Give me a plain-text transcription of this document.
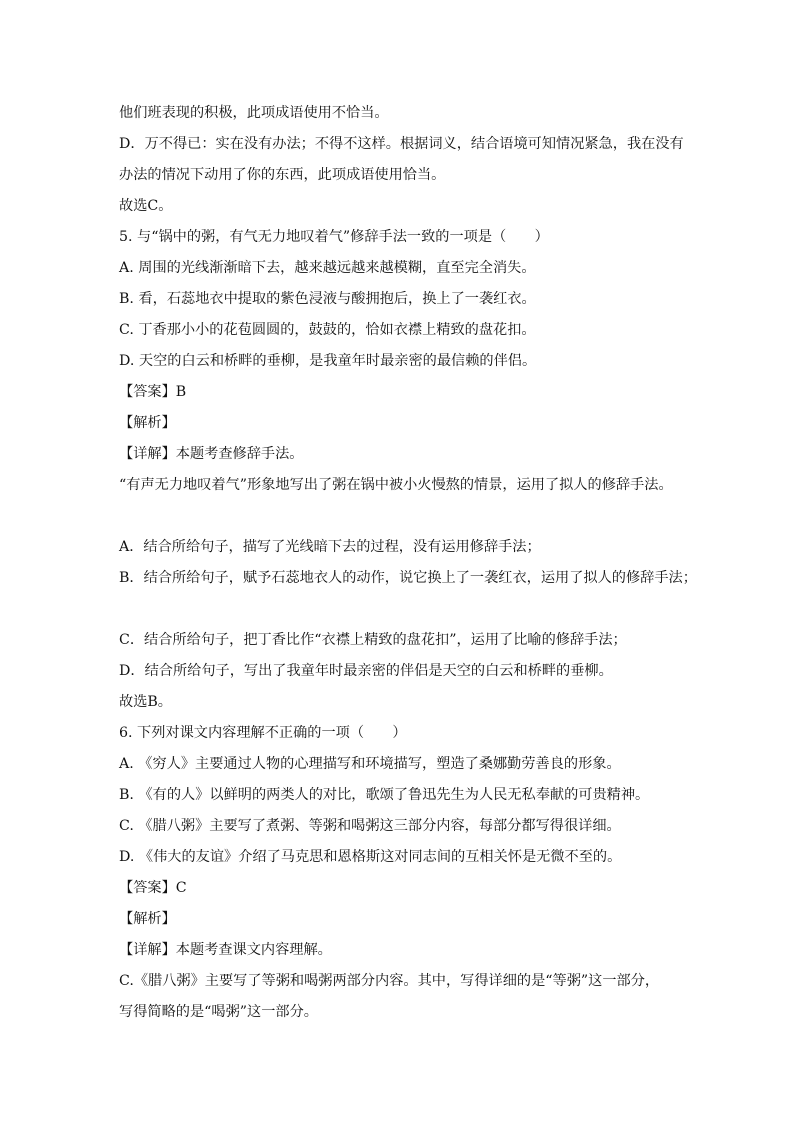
他们班表现的积极，此项成语使用不恰当。
D．万不得已：实在没有办法；不得不这样。根据词义，结合语境可知情况紧急，我在没有
办法的情况下动用了你的东西，此项成语使用恰当。
故选C。
5. 与“锅中的粥，有气无力地叹着气”修辞手法一致的一项是（　　）
A. 周围的光线渐渐暗下去，越来越远越来越模糊，直至完全消失。
B. 看，石蕊地衣中提取的紫色浸液与酸拥抱后，换上了一袭红衣。
C. 丁香那小小的花苞圆圆的，鼓鼓的，恰如衣襟上精致的盘花扣。
D. 天空的白云和桥畔的垂柳，是我童年时最亲密的最信赖的伴侣。
【答案】B
【解析】
【详解】本题考查修辞手法。
“有声无力地叹着气”形象地写出了粥在锅中被小火慢熬的情景，运用了拟人的修辞手法。
A．结合所给句子，描写了光线暗下去的过程，没有运用修辞手法；
B．结合所给句子，赋予石蕊地衣人的动作，说它换上了一袭红衣，运用了拟人的修辞手法；
C．结合所给句子，把丁香比作“衣襟上精致的盘花扣”，运用了比喻的修辞手法；
D．结合所给句子，写出了我童年时最亲密的伴侣是天空的白云和桥畔的垂柳。
故选B。
6. 下列对课文内容理解不正确的一项（　　）
A. 《穷人》主要通过人物的心理描写和环境描写，塑造了桑娜勤劳善良的形象。
B. 《有的人》以鲜明的两类人的对比，歌颂了鲁迅先生为人民无私奉献的可贵精神。
C. 《腊八粥》主要写了煮粥、等粥和喝粥这三部分内容，每部分都写得很详细。
D. 《伟大的友谊》介绍了马克思和恩格斯这对同志间的互相关怀是无微不至的。
【答案】C
【解析】
【详解】本题考查课文内容理解。
C.《腊八粥》主要写了等粥和喝粥两部分内容。其中，写得详细的是“等粥”这一部分，
写得简略的是“喝粥”这一部分。
